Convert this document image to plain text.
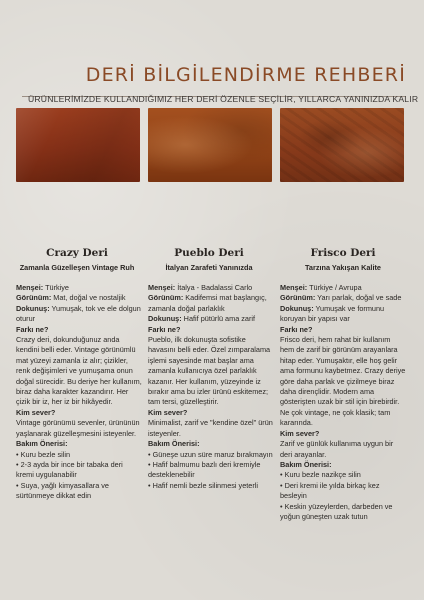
DERİ BİLGİLENDİRME REHBERİ
ÜRÜNLERİMİZDE KULLANDIĞIMIZ HER DERİ ÖZENLE SEÇİLİR, YILLARCA YANINIZDA KALIR
Crazy Deri
Zamanla Güzelleşen Vintage Ruh
Pueblo Deri
İtalyan Zarafeti Yanınızda
Frisco Deri
Tarzına Yakışan Kalite

Menşei: Türkiye

Görünüm: Mat, doğal ve nostaljik

Dokunuş: Yumuşak, tok ve ele dolgun oturur

Farkı ne?

Crazy deri, dokunduğunuz anda kendini belli eder. Vintage görünümlü mat yüzeyi zamanla iz alır; çizikler, renk değişimleri ve yumuşama onun doğal sürecidir. Bu deriye her kullanım, biraz daha karakter kazandırır. Her çizik bir iz, her iz bir hikâyedir.

Kim sever?

Vintage görünümü sevenler, ürününün yaşlanarak güzelleşmesini isteyenler.

Bakım Önerisi:

• Kuru bezle silin

• 2-3 ayda bir ince bir tabaka deri kremi uygulanabilir

• Suya, yağlı kimyasallara ve sürtünmeye dikkat edin

Menşei: İtalya - Badalassi Carlo

Görünüm: Kadifemsi mat başlangıç, zamanla doğal parlaklık

Dokunuş: Hafif pütürlü ama zarif

Farkı ne?

Pueblo, ilk dokunuşta sofistike havasını belli eder. Özel zımparalama işlemi sayesinde mat başlar ama zamanla kullanıcıya özel parlaklık kazanır. Her kullanım, yüzeyinde iz bırakır ama bu izler ürünü eskitemez; tam tersi, güzelleştirir.

Kim sever?

Minimalist, zarif ve "kendine özel" ürün isteyenler.

Bakım Önerisi:

• Güneşe uzun süre maruz bırakmayın

• Hafif balmumu bazlı deri kremiyle desteklenebilir

• Hafif nemli bezle silinmesi yeterli

Menşei: Türkiye / Avrupa

Görünüm: Yarı parlak, doğal ve sade

Dokunuş: Yumuşak ve formunu koruyan bir yapısı var

Farkı ne?

Frisco deri, hem rahat bir kullanım hem de zarif bir görünüm arayanlara hitap eder. Yumuşaktır, elle hoş gelir ama formunu kaybetmez. Crazy deriye göre daha parlak ve çizilmeye biraz daha dirençlidir. Modern ama gösterişten uzak bir stil için birebirdir. Ne çok vintage, ne çok klasik; tam kararında.

Kim sever?

Zarif ve günlük kullanıma uygun bir deri arayanlar.

Bakım Önerisi:

• Kuru bezle nazikçe silin

• Deri kremi ile yılda birkaç kez besleyin

• Keskin yüzeylerden, darbeden ve yoğun güneşten uzak tutun
